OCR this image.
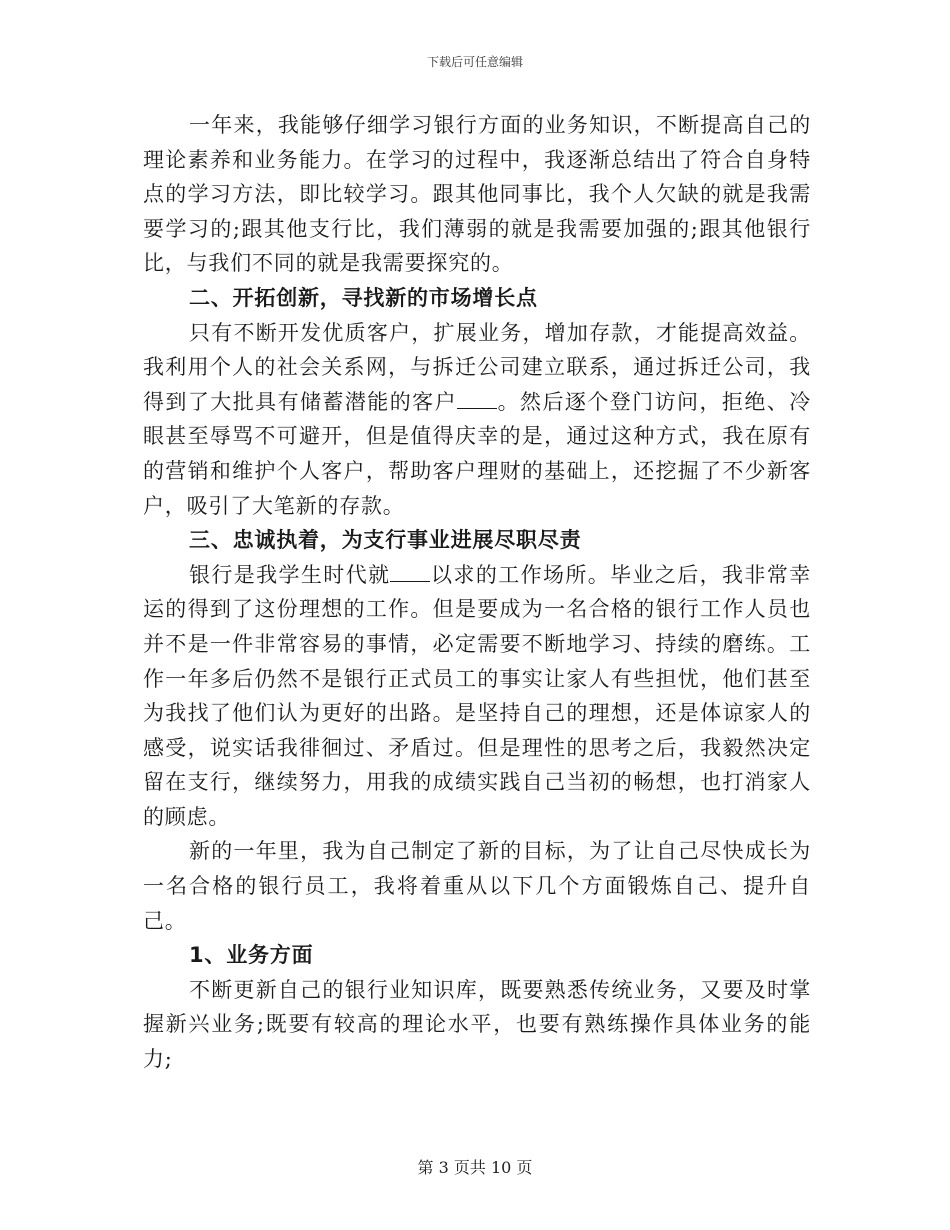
下载后可任意编辑

一年来，我能够仔细学习银行方面的业务知识，不断提高自己的理论素养和业务能力。在学习的过程中，我逐渐总结出了符合自身特点的学习方法，即比较学习。跟其他同事比，我个人欠缺的就是我需要学习的;跟其他支行比，我们薄弱的就是我需要加强的;跟其他银行比，与我们不同的就是我需要探究的。

二、开拓创新，寻找新的市场增长点

只有不断开发优质客户，扩展业务，增加存款，才能提高效益。我利用个人的社会关系网，与拆迁公司建立联系，通过拆迁公司，我得到了大批具有储蓄潜能的客户 。然后逐个登门访问，拒绝、冷眼甚至辱骂不可避开，但是值得庆幸的是，通过这种方式，我在原有的营销和维护个人客户，帮助客户理财的基础上，还挖掘了不少新客户，吸引了大笔新的存款。

三、忠诚执着，为支行事业进展尽职尽责

银行是我学生时代就 以求的工作场所。毕业之后，我非常幸运的得到了这份理想的工作。但是要成为一名合格的银行工作人员也并不是一件非常容易的事情，必定需要不断地学习、持续的磨练。工作一年多后仍然不是银行正式员工的事实让家人有些担忧，他们甚至为我找了他们认为更好的出路。是坚持自己的理想，还是体谅家人的感受，说实话我徘徊过、矛盾过。但是理性的思考之后，我毅然决定留在支行，继续努力，用我的成绩实践自己当初的畅想，也打消家人的顾虑。

新的一年里，我为自己制定了新的目标，为了让自己尽快成长为一名合格的银行员工，我将着重从以下几个方面锻炼自己、提升自己。

1、业务方面

不断更新自己的银行业知识库，既要熟悉传统业务，又要及时掌握新兴业务;既要有较高的理论水平，也要有熟练操作具体业务的能力;

第 3 页共 10 页
